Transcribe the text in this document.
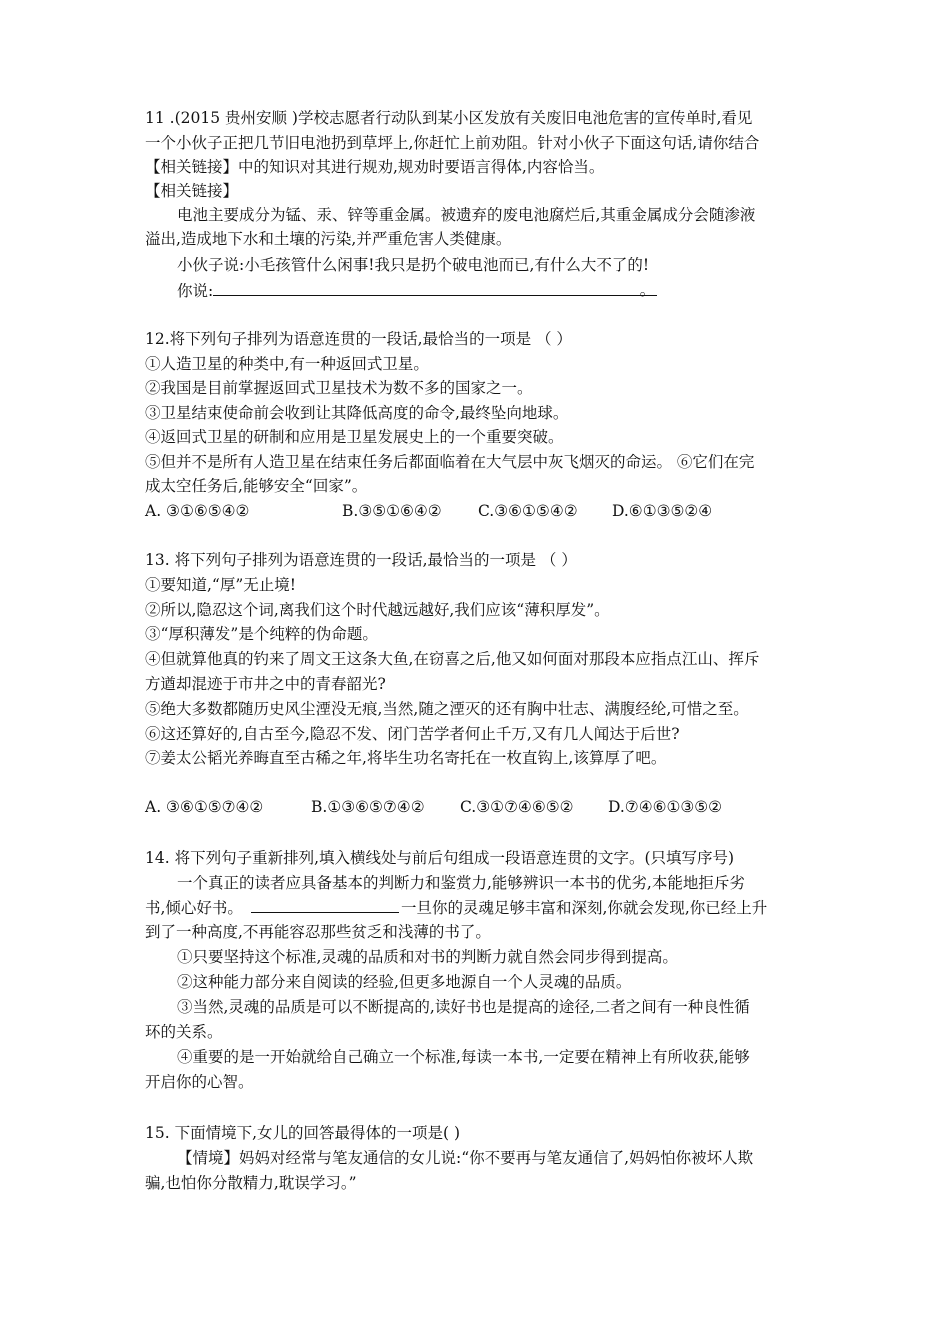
11 .(2015 贵州安顺 )学校志愿者行动队到某小区发放有关废旧电池危害的宣传单时,看见
一个小伙子正把几节旧电池扔到草坪上,你赶忙上前劝阻。针对小伙子下面这句话,请你结合
【相关链接】中的知识对其进行规劝,规劝时要语言得体,内容恰当。
【相关链接】
电池主要成分为锰、汞、锌等重金属。被遗弃的废电池腐烂后,其重金属成分会随渗液
溢出,造成地下水和土壤的污染,并严重危害人类健康。
小伙子说:小毛孩管什么闲事!我只是扔个破电池而已,有什么大不了的!
你说:	。
12.将下列句子排列为语意连贯的一段话,最恰当的一项是 （ ）
①人造卫星的种类中,有一种返回式卫星。
②我国是目前掌握返回式卫星技术为数不多的国家之一。
③卫星结束使命前会收到让其降低高度的命令,最终坠向地球。
④返回式卫星的研制和应用是卫星发展史上的一个重要突破。
⑤但并不是所有人造卫星在结束任务后都面临着在大气层中灰飞烟灭的命运。 ⑥它们在完
成太空任务后,能够安全“回家”。
A. ③①⑥⑤④②	B.③⑤①⑥④② C.③⑥①⑤④② D.⑥①③⑤②④
13. 将下列句子排列为语意连贯的一段话,最恰当的一项是 （ ）
①要知道,“厚”无止境!
②所以,隐忍这个词,离我们这个时代越远越好,我们应该“薄积厚发”。
③“厚积薄发”是个纯粹的伪命题。
④但就算他真的钓来了周文王这条大鱼,在窃喜之后,他又如何面对那段本应指点江山、挥斥
方遒却混迹于市井之中的青春韶光?
⑤绝大多数都随历史风尘湮没无痕,当然,随之湮灭的还有胸中壮志、满腹经纶,可惜之至。
⑥这还算好的,自古至今,隐忍不发、闭门苦学者何止千万,又有几人闻达于后世?
⑦姜太公韬光养晦直至古稀之年,将毕生功名寄托在一枚直钩上,该算厚了吧。
A. ③⑥①⑤⑦④②	B.①③⑥⑤⑦④② C.③①⑦④⑥⑤② D.⑦④⑥①③⑤②
14. 将下列句子重新排列,填入横线处与前后句组成一段语意连贯的文字。(只填写序号)
一个真正的读者应具备基本的判断力和鉴赏力,能够辨识一本书的优劣,本能地拒斥劣
书,倾心好书。	一旦你的灵魂足够丰富和深刻,你就会发现,你已经上升
到了一种高度,不再能容忍那些贫乏和浅薄的书了。
①只要坚持这个标准,灵魂的品质和对书的判断力就自然会同步得到提高。
②这种能力部分来自阅读的经验,但更多地源自一个人灵魂的品质。
③当然,灵魂的品质是可以不断提高的,读好书也是提高的途径,二者之间有一种良性循
环的关系。
④重要的是一开始就给自己确立一个标准,每读一本书,一定要在精神上有所收获,能够
开启你的心智。
15. 下面情境下,女儿的回答最得体的一项是( )
【情境】妈妈对经常与笔友通信的女儿说:“你不要再与笔友通信了,妈妈怕你被坏人欺
骗,也怕你分散精力,耽误学习。”
